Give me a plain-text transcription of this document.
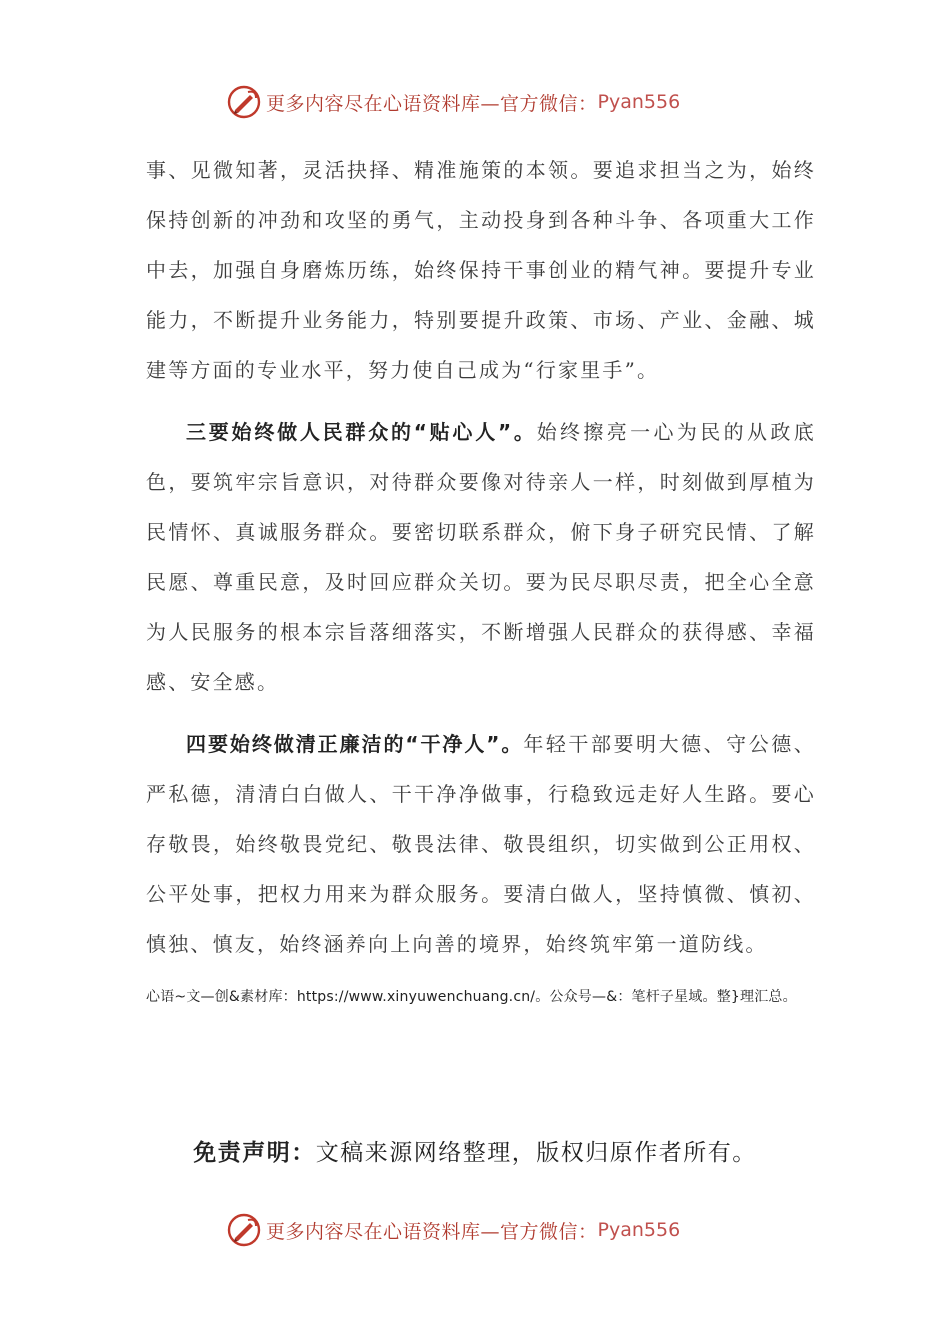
更多内容尽在心语资料库—官方微信： Pyan556

事、见微知著，灵活抉择、精准施策的本领。要追求担当之为，始终保持创新的冲劲和攻坚的勇气，主动投身到各种斗争、各项重大工作中去，加强自身磨炼历练，始终保持干事创业的精气神。要提升专业能力，不断提升业务能力，特别要提升政策、市场、产业、金融、城建等方面的专业水平，努力使自己成为“行家里手”。

三要始终做人民群众的“贴心人”。始终擦亮一心为民的从政底色，要筑牢宗旨意识，对待群众要像对待亲人一样，时刻做到厚植为民情怀、真诚服务群众。要密切联系群众，俯下身子研究民情、了解民愿、尊重民意，及时回应群众关切。要为民尽职尽责，把全心全意为人民服务的根本宗旨落细落实，不断增强人民群众的获得感、幸福感、安全感。

四要始终做清正廉洁的“干净人”。年轻干部要明大德、守公德、严私德，清清白白做人、干干净净做事，行稳致远走好人生路。要心存敬畏，始终敬畏党纪、敬畏法律、敬畏组织，切实做到公正用权、公平处事，把权力用来为群众服务。要清白做人，坚持慎微、慎初、慎独、慎友，始终涵养向上向善的境界，始终筑牢第一道防线。

心语~文—创&素材库：https://www.xinyuwenchuang.cn/。公众号—&：笔杆子星域。整}理汇总。
免责声明：文稿来源网络整理，版权归原作者所有。
更多内容尽在心语资料库—官方微信： Pyan556
